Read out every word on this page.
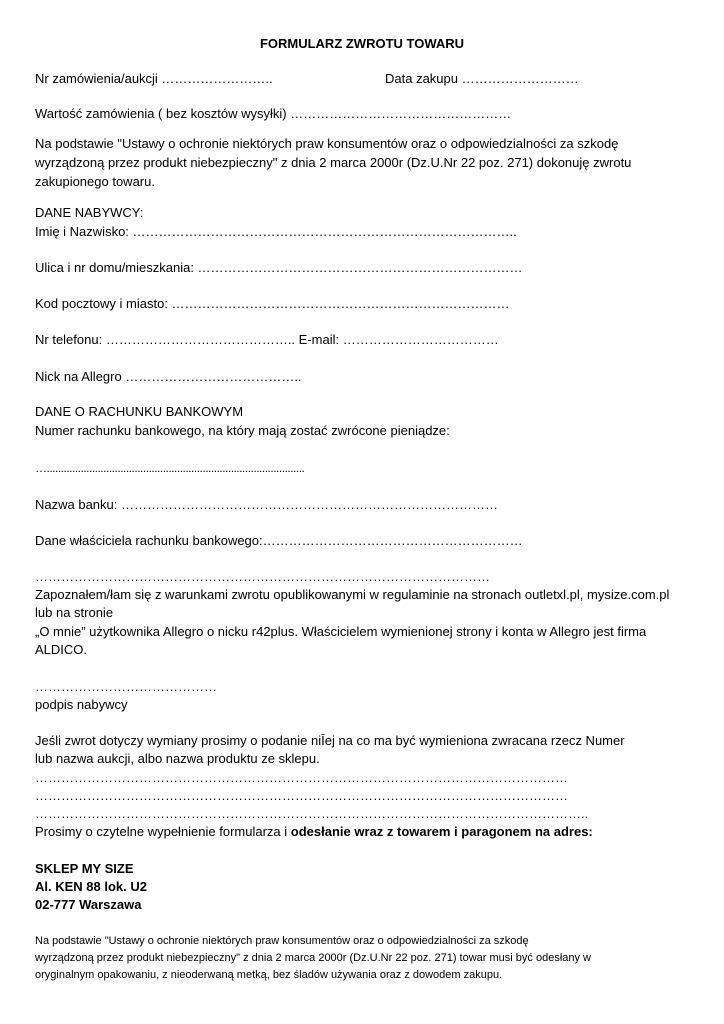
FORMULARZ ZWROTU TOWARU
Nr zamówienia/aukcji ……………………..	Data zakupu ………………………
Wartość zamówienia ( bez kosztów wysyłki) ……………………………………………
Na podstawie "Ustawy o ochronie niektórych praw konsumentów oraz o odpowiedzialności za szkodę
wyrządzoną przez produkt niebezpieczny" z dnia 2 marca 2000r (Dz.U.Nr 22 poz. 271) dokonuję zwrotu
zakupionego towaru.
DANE NABYWCY:
Imię i Nazwisko: ……………………………………………………………………………..
Ulica i nr domu/mieszkania: …………………………………………………………………
Kod pocztowy i miasto: ……………………………………………………………………
Nr telefonu: …………………………………….. E-mail: ………………………………
Nick na Allegro …………………………………..
DANE O RACHUNKU BANKOWYM
Numer rachunku bankowego, na który mają zostać zwrócone pieniądze:
…...........................................................................................
Nazwa banku: ……………………………………………………………………………
Dane właściciela rachunku bankowego:……………………………………………………
……………………………………………………………………………………………
Zapoznałem/łam się z warunkami zwrotu opublikowanymi w regulaminie na stronach outletxl.pl, mysize.com.pl
lub na stronie
„O mnie” użytkownika Allegro o nicku r42plus. Właścicielem wymienionej strony i konta w Allegro jest firma
ALDICO.
……………………………………
podpis nabywcy
Jeśli zwrot dotyczy wymiany prosimy o podanie niĪej na co ma być wymieniona zwracana rzecz Numer
lub nazwa aukcji, albo nazwa produktu ze sklepu.
……………………………………………………………………………………………………………
……………………………………………………………………………………………………………
………………………………………………………………………………………………………………..
Prosimy o czytelne wypełnienie formularza i odesłanie wraz z towarem i paragonem na adres:
SKLEP MY SIZE
Al. KEN 88 lok. U2
02-777 Warszawa
Na podstawie "Ustawy o ochronie niektórych praw konsumentów oraz o odpowiedzialności za szkodę
wyrządzoną przez produkt niebezpieczny" z dnia 2 marca 2000r (Dz.U.Nr 22 poz. 271) towar musi być odesłany w
oryginalnym opakowaniu, z nieoderwaną metką, bez śladów używania oraz z dowodem zakupu.
